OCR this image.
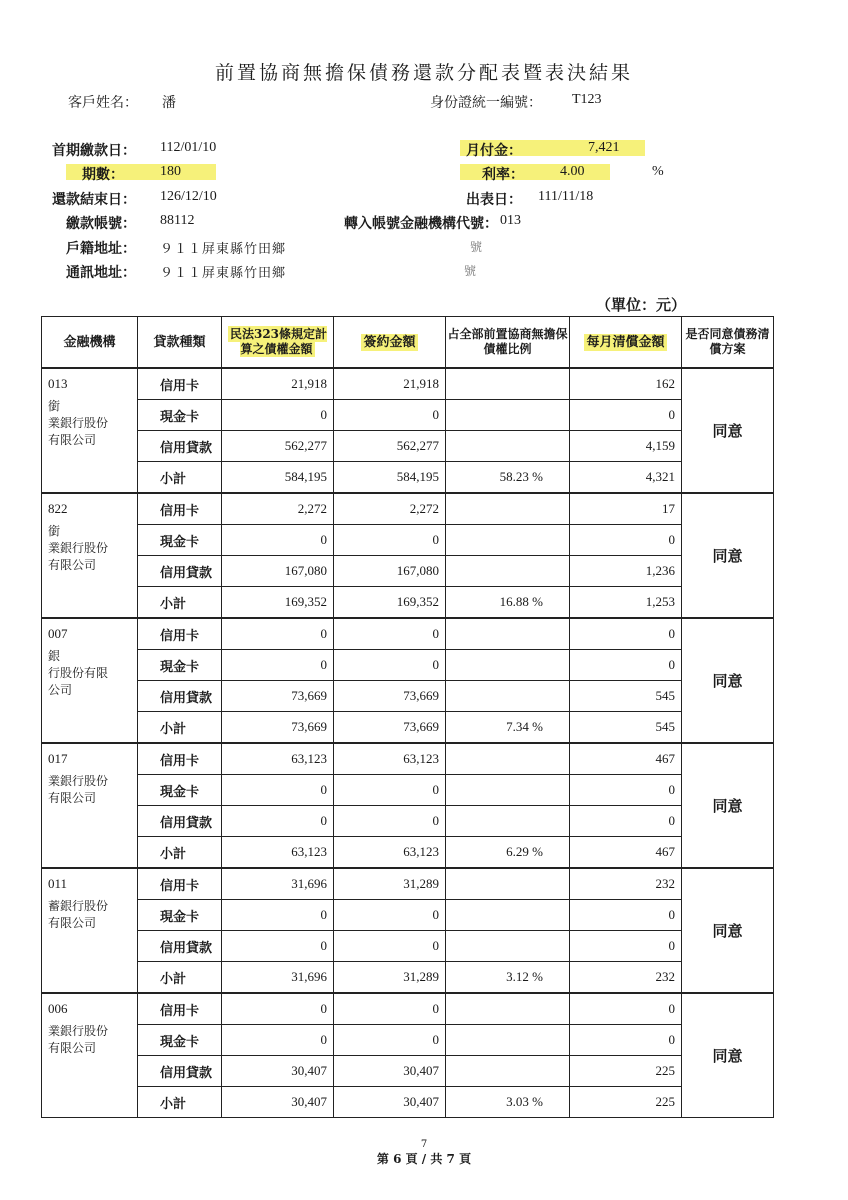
前置協商無擔保債務還款分配表暨表決結果
客戶姓名： 潘	身份證統一編號： T123
首期繳款日： 112/01/10	月付金：	7,421
期數：	180	利率：	4.00	%
還款結束日： 126/12/10	出表日： 111/11/18
繳款帳號： 88112	轉入帳號金融機構代號： 013
戶籍地址： ９１１屏東縣竹田鄉	號
通訊地址： ９１１屏東縣竹田鄉	號
（單位：元）
金融機構	貸款種類	民法323條規定計算之債權金額	簽約金額	占全部前置協商無擔保債權比例	每月清償金額	是否同意債務清償方案

013
銜
業銀行股份
有限公司	信用卡	21,918	21,918		162	同意
	現金卡	0	0		0	
	信用貸款	562,277	562,277		4,159	
	小計	584,195	584,195	58.23 %	4,321	

822
銜
業銀行股份
有限公司	信用卡	2,272	2,272		17	同意
	現金卡	0	0		0	
	信用貸款	167,080	167,080		1,236	
	小計	169,352	169,352	16.88 %	1,253	

007
銀
行股份有限
公司	信用卡	0	0		0	同意
	現金卡	0	0		0	
	信用貸款	73,669	73,669		545	
	小計	73,669	73,669	7.34 %	545	

017
業銀行股份
有限公司	信用卡	63,123	63,123		467	同意
	現金卡	0	0		0	
	信用貸款	0	0		0	
	小計	63,123	63,123	6.29 %	467	

011
蓄銀行股份
有限公司	信用卡	31,696	31,289		232	同意
	現金卡	0	0		0	
	信用貸款	0	0		0	
	小計	31,696	31,289	3.12 %	232	

006
業銀行股份
有限公司	信用卡	0	0		0	同意
	現金卡	0	0		0	
	信用貸款	30,407	30,407		225	
	小計	30,407	30,407	3.03 %	225	
7
第 6 頁 / 共 7 頁
